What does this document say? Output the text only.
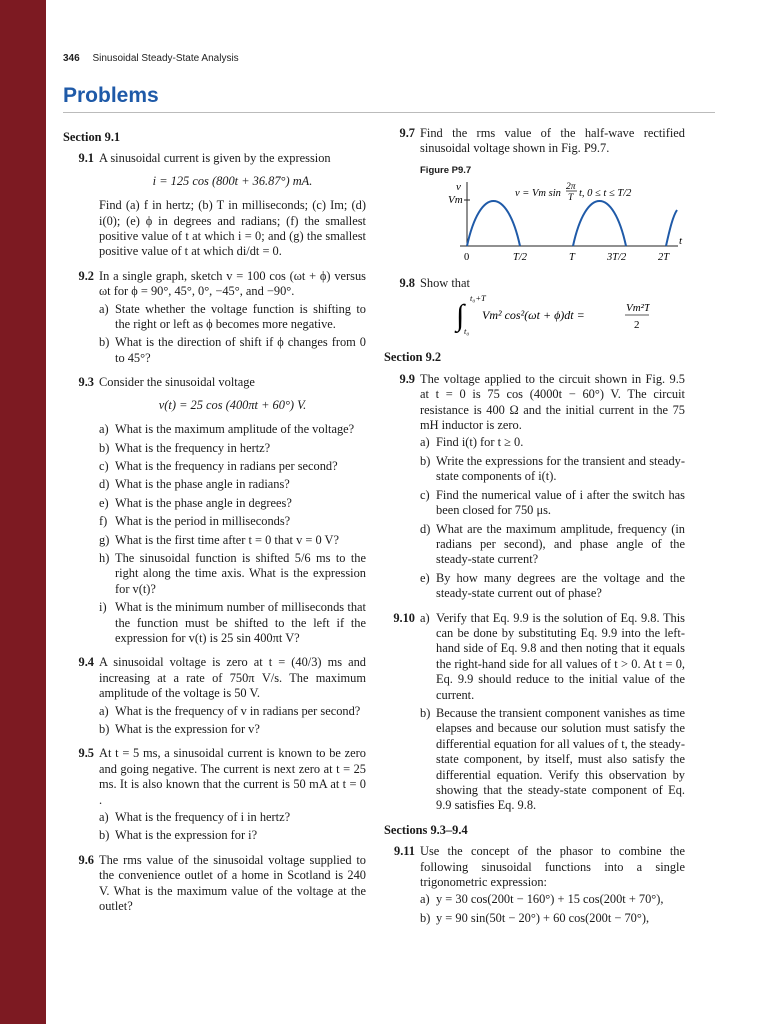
346 Sinusoidal Steady-State Analysis
Problems
Section 9.1
9.1 A sinusoidal current is given by the expression
i = 125 cos (800t + 36.87°) mA.
Find (a) f in hertz; (b) T in milliseconds; (c) Im; (d) i(0); (e) ϕ in degrees and radians; (f) the smallest positive value of t at which i = 0; and (g) the smallest positive value of t at which di/dt = 0.
9.2 In a single graph, sketch v = 100 cos (ωt + ϕ) versus ωt for ϕ = 90°, 45°, 0°, −45°, and −90°.
a) State whether the voltage function is shifting to the right or left as ϕ becomes more negative.
b) What is the direction of shift if ϕ changes from 0 to 45°?
9.3 Consider the sinusoidal voltage
v(t) = 25 cos (400πt + 60°) V.
a) What is the maximum amplitude of the voltage?
b) What is the frequency in hertz?
c) What is the frequency in radians per second?
d) What is the phase angle in radians?
e) What is the phase angle in degrees?
f) What is the period in milliseconds?
g) What is the first time after t = 0 that v = 0 V?
h) The sinusoidal function is shifted 5/6 ms to the right along the time axis. What is the expression for v(t)?
i) What is the minimum number of milliseconds that the function must be shifted to the left if the expression for v(t) is 25 sin 400πt V?
9.4 A sinusoidal voltage is zero at t = (40/3) ms and increasing at a rate of 750π V/s. The maximum amplitude of the voltage is 50 V.
a) What is the frequency of v in radians per second?
b) What is the expression for v?
9.5 At t = 5 ms, a sinusoidal current is known to be zero and going negative. The current is next zero at t = 25 ms. It is also known that the current is 50 mA at t = 0 .
a) What is the frequency of i in hertz?
b) What is the expression for i?
9.6 The rms value of the sinusoidal voltage supplied to the convenience outlet of a home in Scotland is 240 V. What is the maximum value of the voltage at the outlet?
9.7 Find the rms value of the half-wave rectified sinusoidal voltage shown in Fig. P9.7.
Figure P9.7
v
Vm
v = Vm sin
2π
T t, 0 ≤ t ≤ T/2
t
0	T/2	T	3T/2	2T
9.8 Show that
∫
t₀+T
t₀
Vm² cos²(ωt + ϕ)dt =	Vm²T
2
Section 9.2
9.9 The voltage applied to the circuit shown in Fig. 9.5 at t = 0 is 75 cos (4000t − 60°) V. The circuit resistance is 400 Ω and the initial current in the 75 mH inductor is zero.
a) Find i(t) for t ≥ 0.
b) Write the expressions for the transient and steady-state components of i(t).
c) Find the numerical value of i after the switch has been closed for 750 μs.
d) What are the maximum amplitude, frequency (in radians per second), and phase angle of the steady-state current?
e) By how many degrees are the voltage and the steady-state current out of phase?
9.10 a) Verify that Eq. 9.9 is the solution of Eq. 9.8. This can be done by substituting Eq. 9.9 into the left-hand side of Eq. 9.8 and then noting that it equals the right-hand side for all values of t > 0. At t = 0, Eq. 9.9 should reduce to the initial value of the current.
b) Because the transient component vanishes as time elapses and because our solution must satisfy the differential equation for all values of t, the steady-state component, by itself, must also satisfy the differential equation. Verify this observation by showing that the steady-state component of Eq. 9.9 satisfies Eq. 9.8.
Sections 9.3–9.4
9.11 Use the concept of the phasor to combine the following sinusoidal functions into a single trigonometric expression:
a) y = 30 cos(200t − 160°) + 15 cos(200t + 70°),
b) y = 90 sin(50t − 20°) + 60 cos(200t − 70°),
